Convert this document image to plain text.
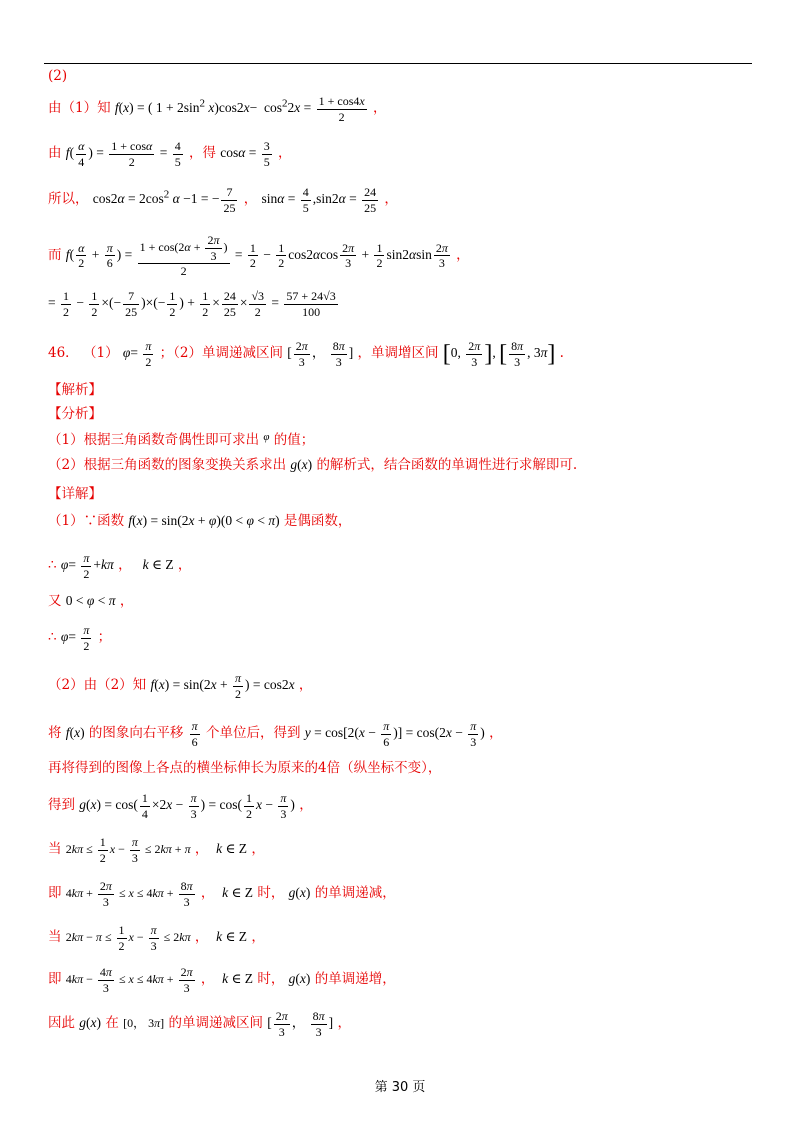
(2)
由（1）知 f(x) = ( $1 + 2\sin^2$ $x)\cos 2x- \cos^22x = \frac{1 + \cos 4x}{2}$ ，
由 $f( \frac{\alpha}{4}$ ) = $\frac{1 + \cos\alpha}{2} = \frac{4}{5}$ ，得 $\cos\alpha = \frac{3}{5}$ ，
所以， $\cos 2\alpha = 2\cos^2$ α −1 = − $\frac{7}{25}$ ， $\sin\alpha = \frac{4}{5} ,\sin 2\alpha = \frac{24}{25}$ ，
而 $f( \frac{\alpha}{2} + \frac{\pi}{6}$ ) = $\frac{1 + \cos(2\alpha + \frac{2\pi}{3} )}{2} = \frac{1}{2} - \frac{1}{2} \cos 2\alpha\cos \frac{2\pi}{3} + \frac{1}{2} \sin 2\alpha\sin \frac{2\pi}{3}$ ，
= $\frac{1}{2} - \frac{1}{2}$ ×(− $\frac{7}{25}$ )×(− $\frac{1}{2}$ ) + $\frac{1}{2} \times \frac{24}{25} \times \frac{√3}{2} = \frac{57 + 24√3}{100}$
46． （1） $\varphi= \frac{\pi}{2}$ ；（2）单调递减区间 [ $\frac{2\pi}{3}$ ， $\frac{8\pi}{3}$ ] ，单调增区间 [0, $\frac{2\pi}{3}$ ], [ $\frac{8\pi}{3}$ , 3π] .
【解析】
【分析】
（1）根据三角函数奇偶性即可求出 $^\varphi$ 的值；
（2）根据三角函数的图象变换关系求出 g(x) 的解析式，结合函数的单调性进行求解即可.
【详解】
（1）∵函数 f(x) = sin(2x + φ)(0 < φ < π) 是偶函数，
∴ $\varphi= \frac{\pi}{2} +k\pi$ ， k ∈ Z ，
又 0 < φ < π ，
∴ $\varphi= \frac{\pi}{2}$ ；
（2）由（2）知 $f(x) = \sin(2x + \frac{\pi}{2}$ ) = cos2x ，
将 f(x) 的图象向右平移 $\frac{\pi}{6}$ 个单位后，得到 $y = \cos[2(x - \frac{\pi}{6}$ )] = $\cos(2x - \frac{\pi}{3}$ ) ，
再将得到的图像上各点的横坐标伸长为原来的4倍（纵坐标不变），
得到 $g(x) = \cos( \frac{1}{4} \times 2x - \frac{\pi}{3}$ ) = $\cos( \frac{1}{2}$ $x - \frac{\pi}{3}$ ) ，
当 $2k\pi \le \frac{1}{2}$ $x - \frac{\pi}{3} \le 2k\pi + \pi$ ， k ∈ Z ，
即 $4k\pi + \frac{2\pi}{3} \le x \le 4k\pi + \frac{8\pi}{3}$ ， k ∈ Z 时， g(x) 的单调递减，
当 $2k\pi - \pi \le \frac{1}{2}$ $x - \frac{\pi}{3} \le 2k\pi$ ， k ∈ Z ，
即 $4k\pi - \frac{4\pi}{3} \le x \le 4k\pi + \frac{2\pi}{3}$ ， k ∈ Z 时， g(x) 的单调递增，
因此 g(x) 在 [0， 3π] 的单调递减区间 [ $\frac{2\pi}{3}$ ， $\frac{8\pi}{3}$ ] ，
第 30 页
